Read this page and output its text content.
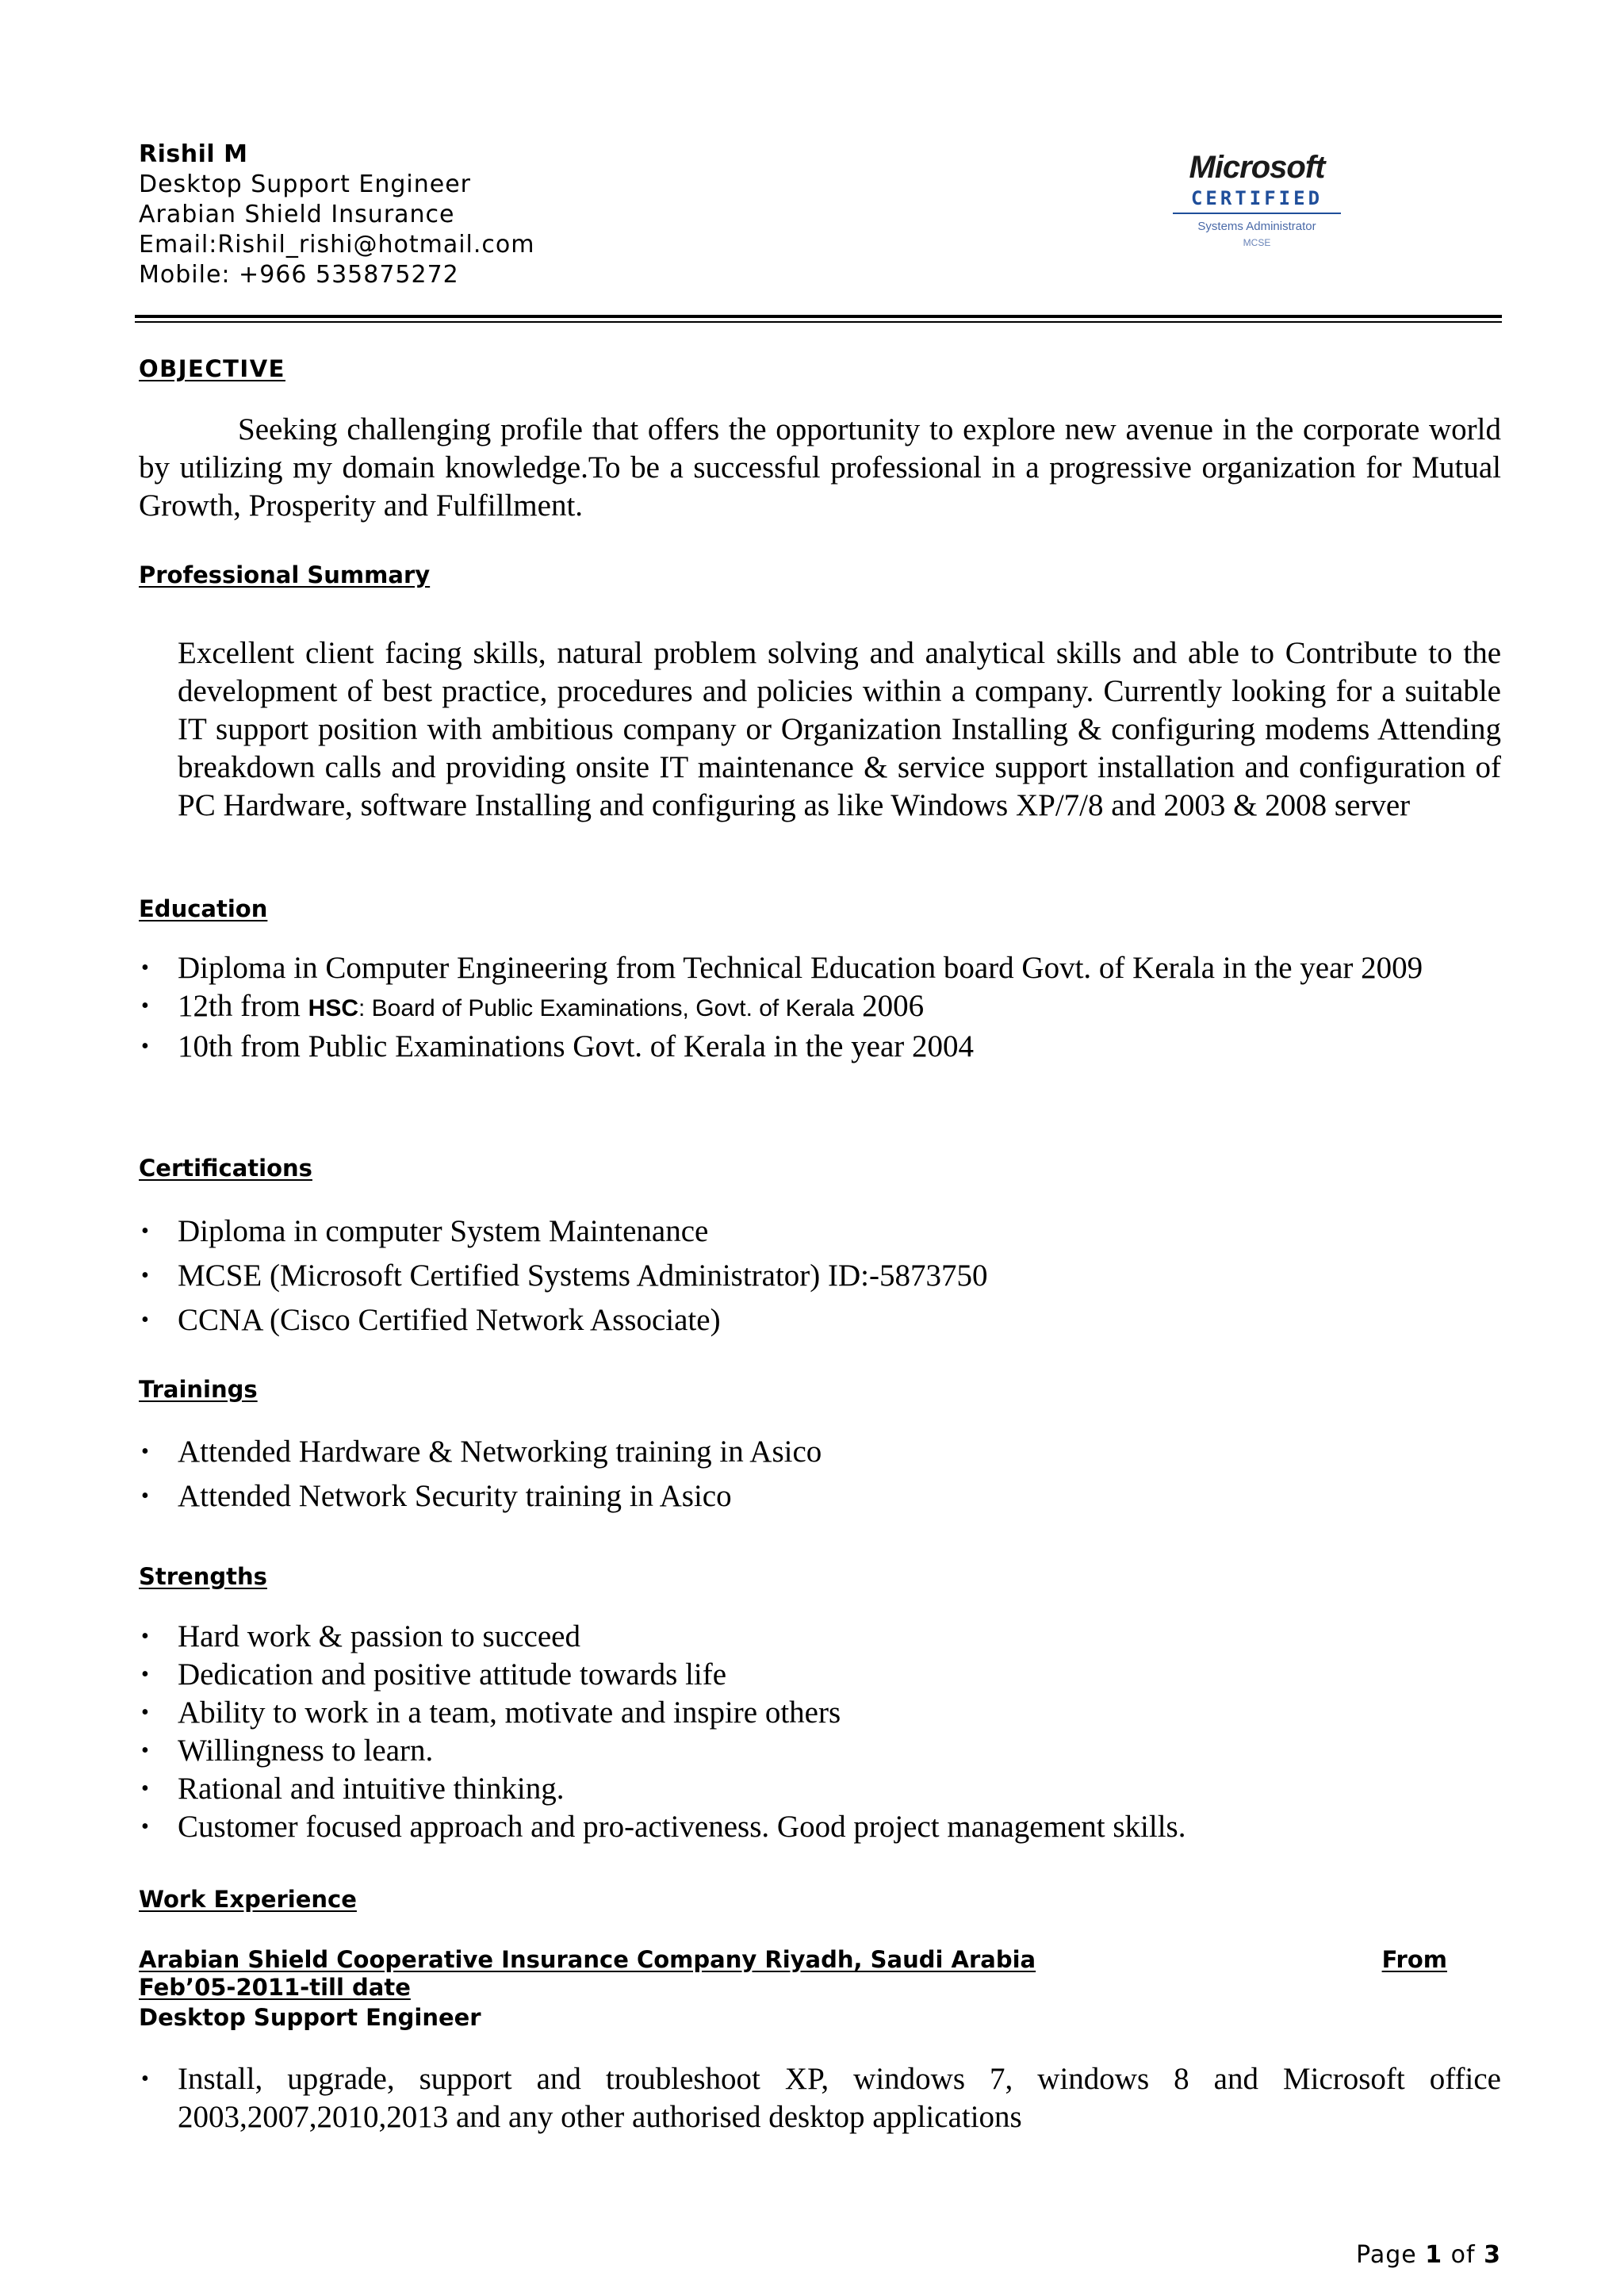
Rishil M
Desktop Support Engineer
Arabian Shield Insurance
Email:Rishil_rishi@hotmail.com
Mobile: +966 535875272
Microsoft
CERTIFIED
Systems Administrator
MCSE
OBJECTIVE
Seeking challenging profile that offers the opportunity to explore new avenue in the corporate world by utilizing my domain knowledge.To be a successful professional in a progressive organization for Mutual Growth, Prosperity and Fulfillment.
Professional Summary
Excellent client facing skills, natural problem solving and analytical skills and able to Contribute to the development of best practice, procedures and policies within a company. Currently looking for a suitable IT support position with ambitious company or Organization Installing & configuring modems Attending breakdown calls and providing onsite IT maintenance & service support installation and configuration of PC Hardware, software Installing and configuring as like Windows XP/7/8 and 2003 & 2008 server
Education
• Diploma in Computer Engineering from Technical Education board Govt. of Kerala in the year 2009
• 12th from HSC: Board of Public Examinations, Govt. of Kerala 2006
• 10th from Public Examinations Govt. of Kerala in the year 2004
Certifications
• Diploma in computer System Maintenance
• MCSE (Microsoft Certified Systems Administrator) ID:-5873750
• CCNA (Cisco Certified Network Associate)
Trainings
• Attended Hardware & Networking training in Asico
• Attended Network Security training in Asico
Strengths
• Hard work & passion to succeed
• Dedication and positive attitude towards life
• Ability to work in a team, motivate and inspire others
• Willingness to learn.
• Rational and intuitive thinking.
• Customer focused approach and pro-activeness. Good project management skills.
Work Experience
Arabian Shield Cooperative Insurance Company Riyadh, Saudi Arabia	From
Feb’05-2011-till date
Desktop Support Engineer
• Install, upgrade, support and troubleshoot XP, windows 7, windows 8 and Microsoft office 2003,2007,2010,2013 and any other authorised desktop applications
Page 1 of 3
